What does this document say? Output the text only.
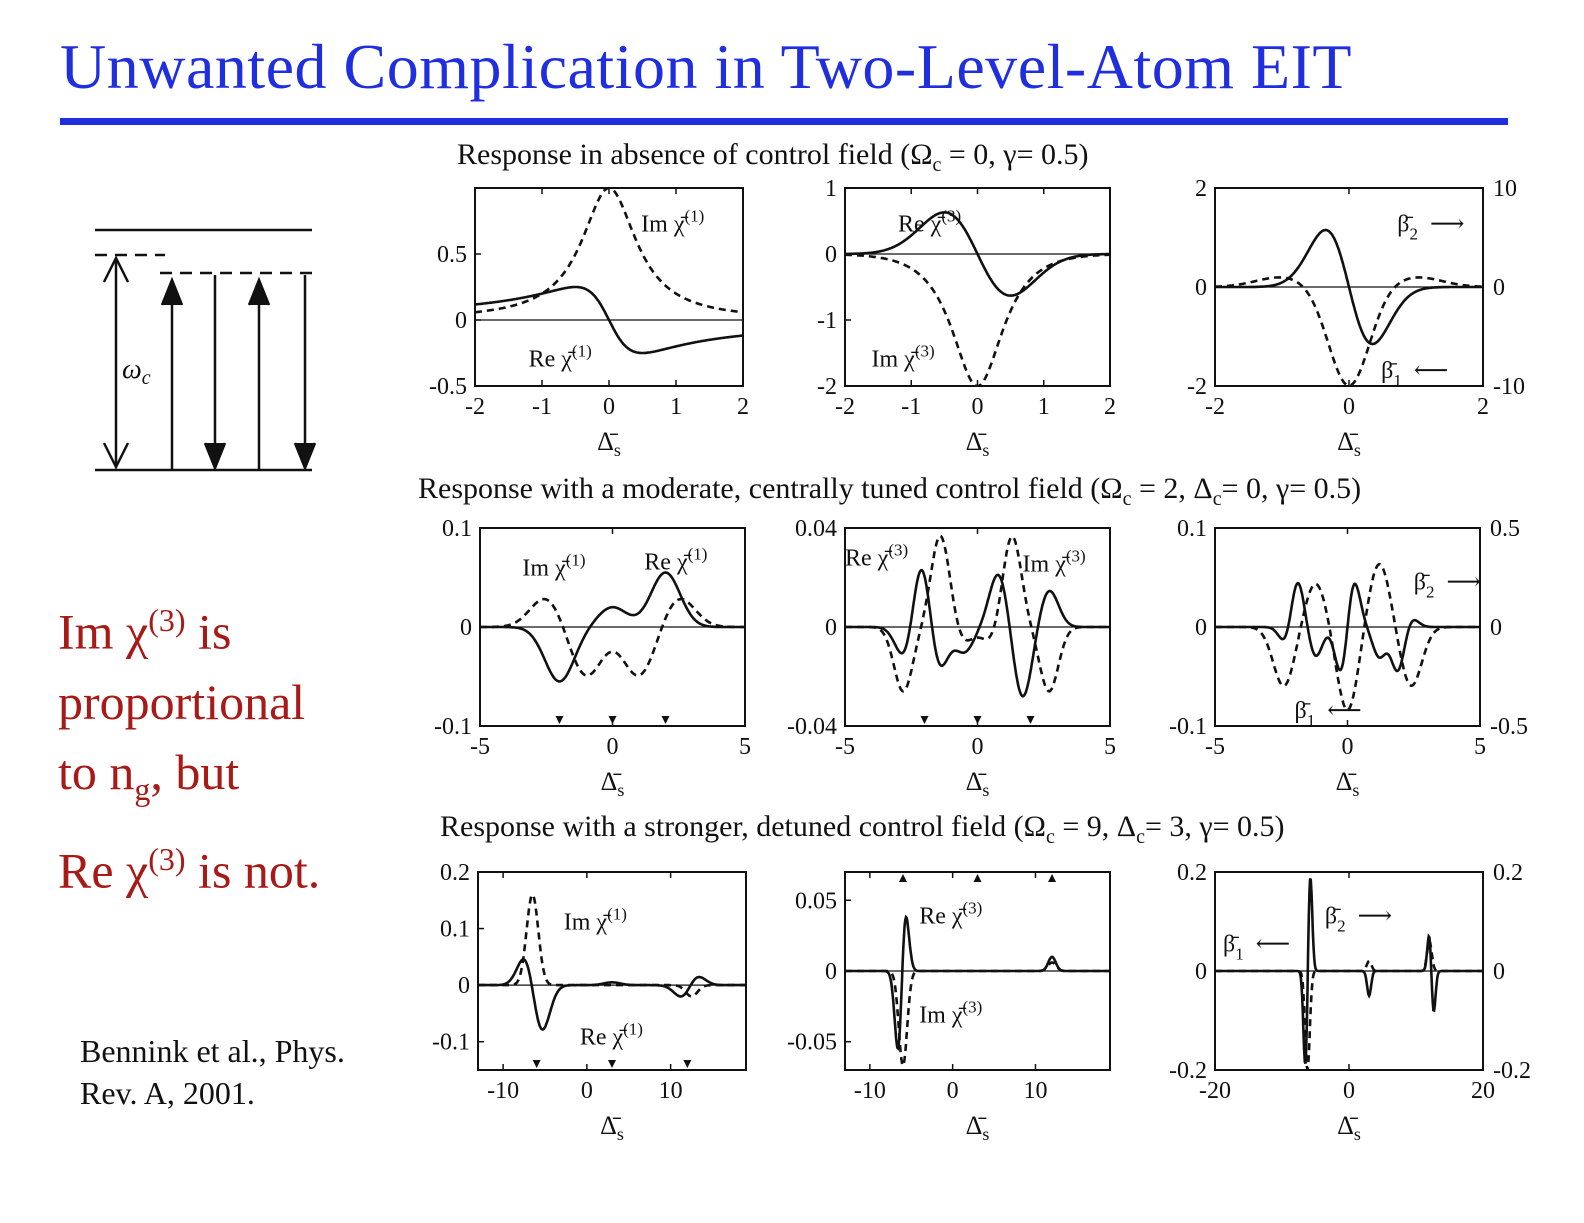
Unwanted Complication in Two-Level-Atom EIT
Response in absence of control field ($\Omega_c = 0$, γ= 0.5)
Response with a moderate, centrally tuned control field ($\Omega_c = 2$, $\Delta_c= 0$, γ= 0.5)
Response with a stronger, detuned control field ($\Omega_c = 9$, $\Delta_c= 3$, γ= 0.5)
Im $\chi^{(3)}$ is
proportional
to $n_g$, but
Re $\chi^{(3)}$ is not.
Bennink et al., Phys.
Rev. A, 2001.
$\omega_c$
-2 -1 0 1 2
0.5
0
-0.5
$\Deltā_s$
Im χ̄$^{(1)}$
Re χ̄$^{(1)}$
-2 -1 0 1 2
1
0
-1
-2
$\Deltā_s$
Re χ̄$^{(3)}$
Im χ̄$^{(3)}$
-2	0	2
2
0
-2
10
0
-10
$\Deltā_s$
$\betā_2$ ⟶
$\betā_1$ ⟵
-5	0	5
0.1
0
-0.1
$\Deltā_s$
Im χ̄$^{(1)}$ Re χ̄$^{(1)}$
-5	0	5
0.04
0
-0.04
$\Deltā_s$
Re χ̄$^{(3)}$
Im χ̄$^{(3)}$
-5	0	5
0.1
0
-0.1
0.5
0
-0.5
$\Deltā_s$
$\betā_2$ ⟶
$\betā_1$ ⟵
-10	0	10
0.2
0.1
0
-0.1
$\Deltā_s$
Im χ̄$^{(1)}$
Re χ̄$^{(1)}$
-10	0	10
0.05
0
-0.05
$\Deltā_s$
Re χ̄$^{(3)}$
Im χ̄$^{(3)}$
-20	0	20
0.2
0
-0.2
0.2
0
-0.2
$\Deltā_s$
$\betā_1$ ⟵
$\betā_2$ ⟶
